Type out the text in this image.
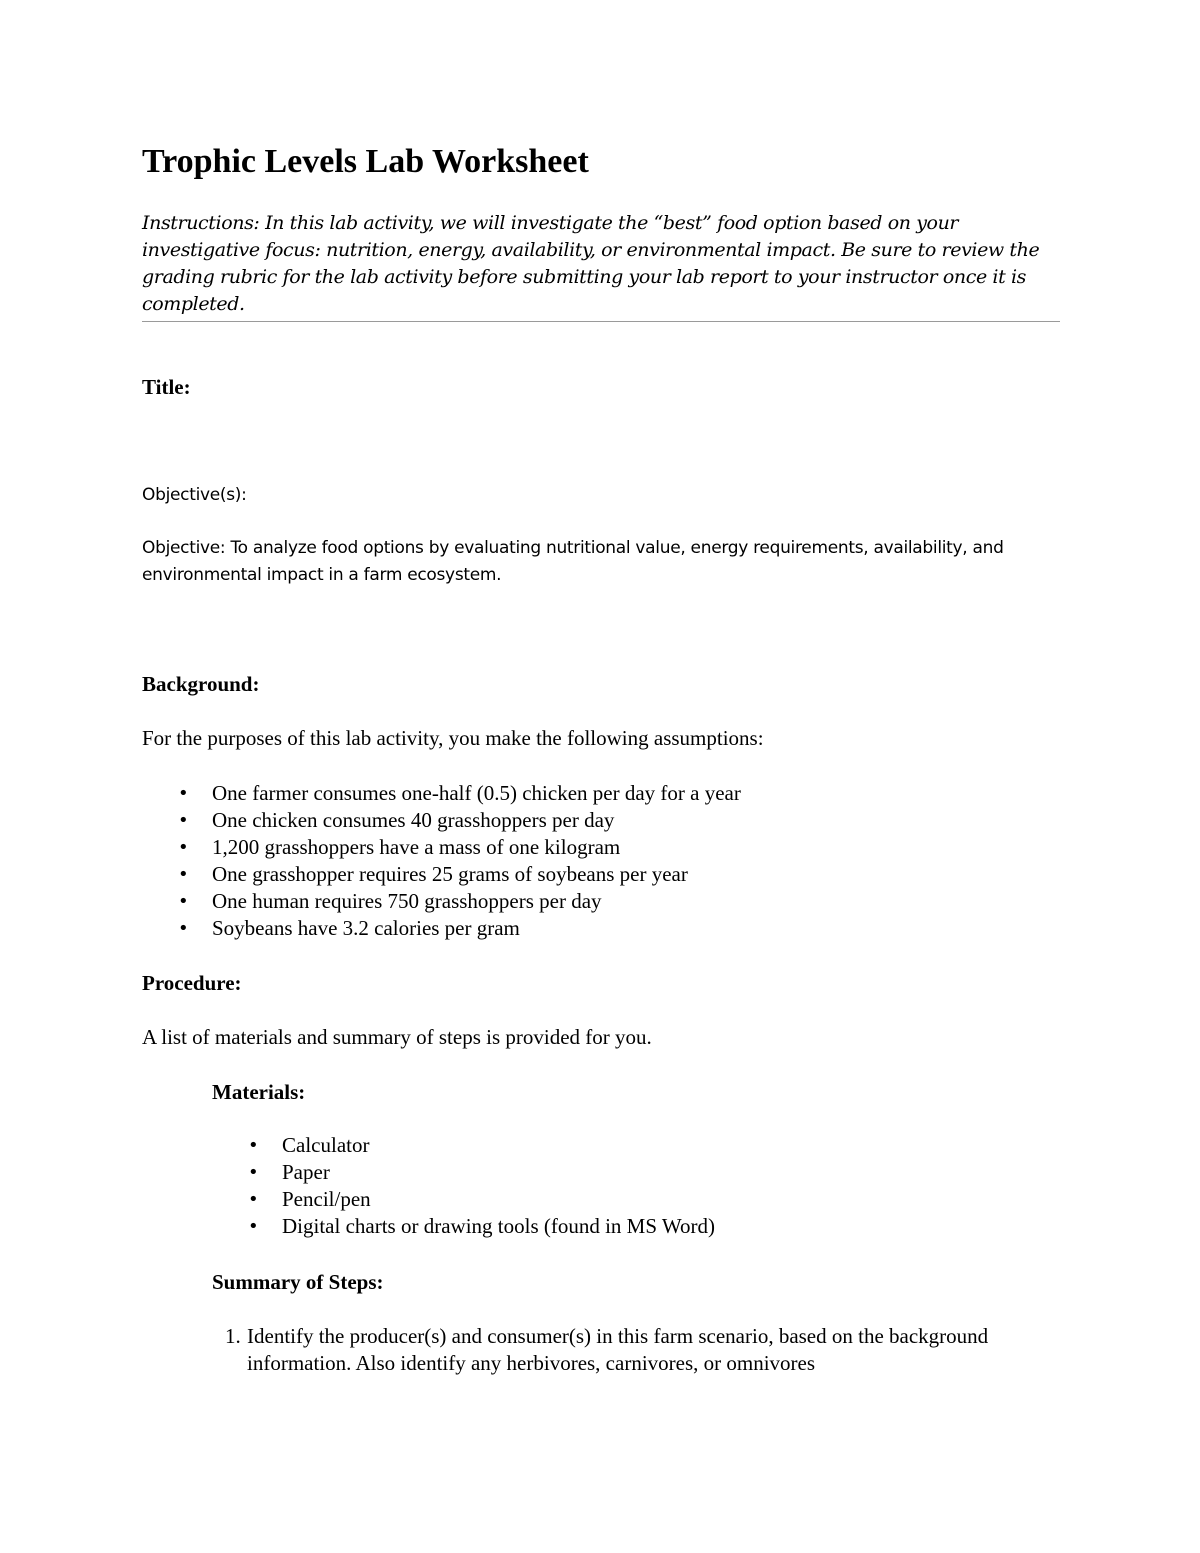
Trophic Levels Lab Worksheet

Instructions: In this lab activity, we will investigate the “best” food option based on your investigative focus: nutrition, energy, availability, or environmental impact. Be sure to review the grading rubric for the lab activity before submitting your lab report to your instructor once it is completed.

Title:

Objective(s):

Objective: To analyze food options by evaluating nutritional value, energy requirements, availability, and environmental impact in a farm ecosystem.

Background:

For the purposes of this lab activity, you make the following assumptions:

• One farmer consumes one-half (0.5) chicken per day for a year
• One chicken consumes 40 grasshoppers per day
• 1,200 grasshoppers have a mass of one kilogram
• One grasshopper requires 25 grams of soybeans per year
• One human requires 750 grasshoppers per day
• Soybeans have 3.2 calories per gram

Procedure:

A list of materials and summary of steps is provided for you.

Materials:

• Calculator
• Paper
• Pencil/pen
• Digital charts or drawing tools (found in MS Word)

Summary of Steps:

1. Identify the producer(s) and consumer(s) in this farm scenario, based on the background information. Also identify any herbivores, carnivores, or omnivores
